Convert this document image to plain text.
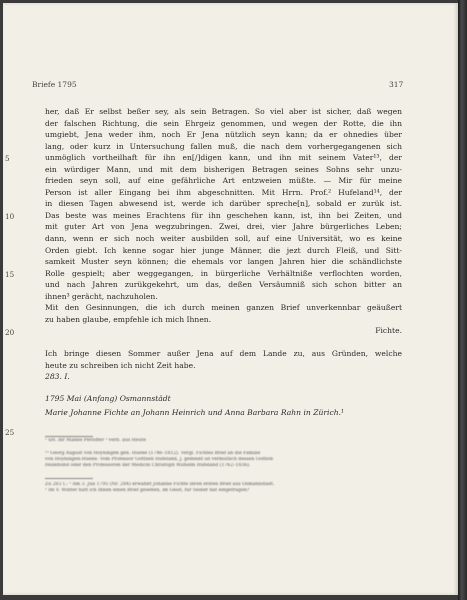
Briefe 1795	317
5
10
15
20
25
her, daß Er selbst beßer sey, als sein Betragen. So viel aber ist sicher, daß wegen
der falschen Richtung, die sein Ehrgeiz genommen, und wegen der Rotte, die ihn
umgiebt, Jena weder ihm, noch Er Jena nützlich seyn kann; da er ohnedies über
lang, oder kurz in Untersuchung fallen muß, die nach dem vorhergegangenen sich
unmöglich vortheilhaft für ihn en[/]digen kann, und ihn mit seinem Vater¹³, der
ein würdiger Mann, und mit dem bisherigen Betragen seines Sohns sehr unzu-
frieden seyn soll, auf eine gefährliche Art entzweien müßte. — Mir für meine
Person ist aller Eingang bei ihm abgeschnitten. Mit Hrrn. Prof.² Hufeland¹⁴, der
in diesen Tagen abwesend ist, werde ich darüber spreche[n], sobald er zurük ist.
Das beste was meines Erachtens für ihn geschehen kann, ist, ihn bei Zeiten, und
mit guter Art von Jena wegzubringen. Zwei, drei, vier Jahre bürgerliches Leben;
dann, wenn er sich noch weiter ausbilden soll, auf eine Universität, wo es keine
Orden giebt. Ich kenne sogar hier junge Männer, die jezt durch Fleiß, und Sitt-
samkeit Muster seyn können; die ehemals vor langen Jahren hier die schändlichste
Rolle gespielt; aber weggegangen, in bürgerliche Verhältniße verflochten worden,
und nach Jahren zurükgekehrt, um das, deßen Versäumniß sich schon bitter an
ihnen³ gerächt, nachzuholen.
Mit den Gesinnungen, die ich durch meinen ganzen Brief unverkennbar geäußert
zu haben glaube, empfehle ich mich Ihnen.
Fichte.
Ich bringe diesen Sommer außer Jena auf dem Lande zu, aus Gründen, welche
heute zu schreiben ich nicht Zeit habe.
283. I.
1795 Mai (Anfang) Osmannstädt
Marie Johanne Fichte an Johann Heinrich und Anna Barbara Rahn in Zürich.¹
¹ üH. ihr Manne Perlöffer ² verb. aus Heute
¹³ Georg August von Hoyningen gen. Huene (1746–1812). Vergl. Fichtes Brief an die Familie
von Hoyningen-Huene. Vom Professor Gottlieb Hufeland, J. gemeint ist vermutlich dessen Gottlob
Heilebund oder den Professoren der Medicin Christoph Wilhelm Hufeland (1762–1836).
Zu 283 I.: ¹ Am 3. Juli 1795 (Nr. 284) erwähnt Johanne Fichte ihren ersten Brief aus Osmannstädt.
¹ Im V. Winter hatt ich Ihnen einen Brief gesehen, im Geist, für Seiner hat eingetragen?
